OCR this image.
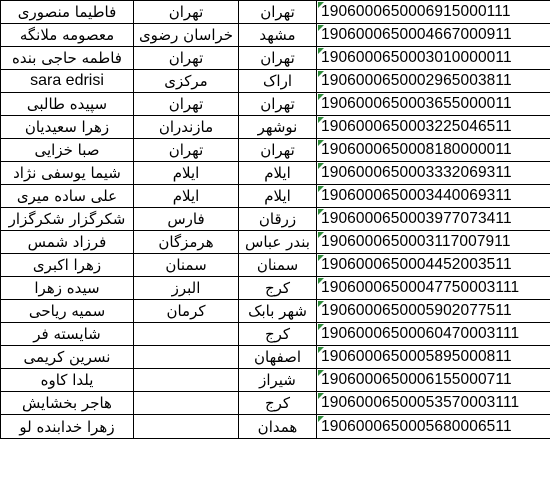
فاطیما منصوری	تهران	تهران	1906000650006915000111
معصومه ملانگه	خراسان رضوی	مشهد	1906000650004667000911
فاطمه حاجی بنده	تهران	تهران	1906000650003010000011
sara edrisi	مرکزی	اراک	1906000650002965003811
سپیده طالبی	تهران	تهران	1906000650003655000011
زهرا سعیدیان	مازندران	نوشهر	1906000650003225046511
صبا خزایی	تهران	تهران	1906000650008180000011
شیما یوسفی نژاد	ایلام	ایلام	1906000650003332069311
علی ساده میری	ایلام	ایلام	1906000650003440069311
شکرگزار شکرگزار	فارس	زرقان	1906000650003977073411
فرزاد شمس	هرمزگان	بندر عباس	1906000650003117007911
زهرا اکبری	سمنان	سمنان	1906000650004452003511
سیده زهرا	البرز	کرج	19060006500047750003111
سمیه ریاحی	کرمان	شهر بابک	1906000650005902077511
شایسته فر		کرج	19060006500060470003111
نسرین کریمی		اصفهان	1906000650005895000811
یلدا کاوه		شیراز	1906000650006155000711
هاجر بخشایش		کرج	19060006500053570003111
زهرا خدابنده لو		همدان	1906000650005680006511
